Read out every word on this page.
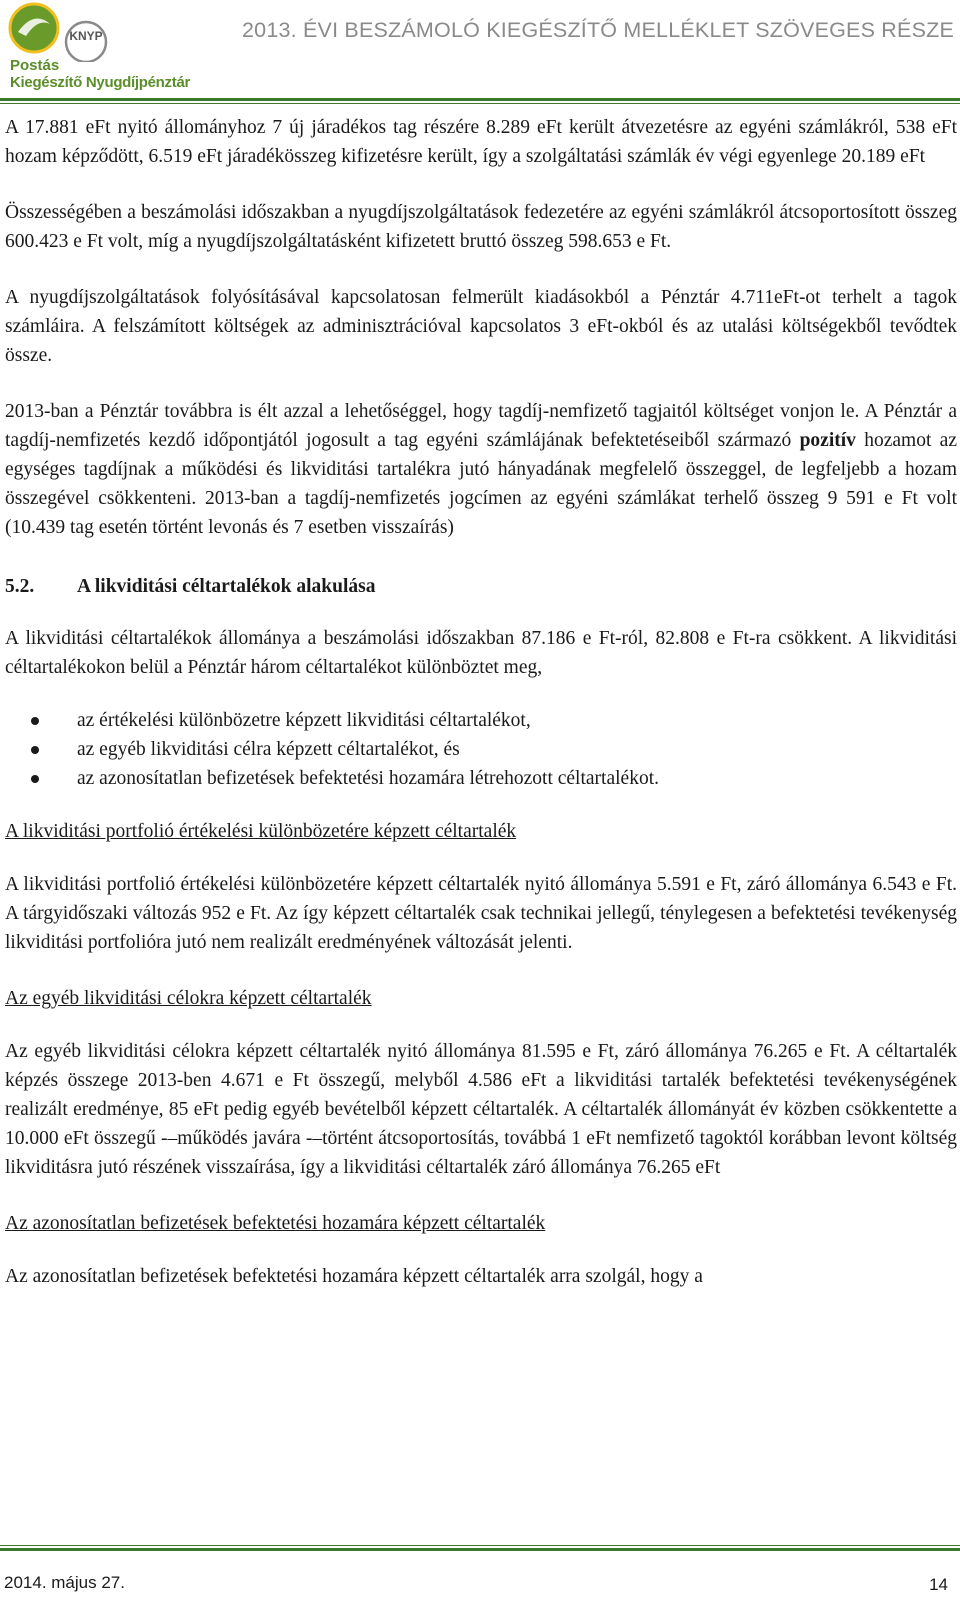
KNYP
Postás
Kiegészítő Nyugdíjpénztár
2013. ÉVI BESZÁMOLÓ KIEGÉSZÍTŐ MELLÉKLET SZÖVEGES RÉSZE

A 17.881 eFt nyitó állományhoz 7 új járadékos tag részére 8.289 eFt került átvezetésre az egyéni számlákról, 538 eFt hozam képződött, 6.519 eFt járadékösszeg kifizetésre került, így a szolgáltatási számlák év végi egyenlege 20.189 eFt

Összességében a beszámolási időszakban a nyugdíjszolgáltatások fedezetére az egyéni számlákról átcsoportosított összeg 600.423 e Ft volt, míg a nyugdíjszolgáltatásként kifizetett bruttó összeg 598.653 e Ft.

A nyugdíjszolgáltatások folyósításával kapcsolatosan felmerült kiadásokból a Pénztár 4.711eFt-ot terhelt a tagok számláira. A felszámított költségek az adminisztrációval kapcsolatos 3 eFt-okból és az utalási költségekből tevődtek össze.

2013-ban a Pénztár továbbra is élt azzal a lehetőséggel, hogy tagdíj-nemfizető tagjaitól költséget vonjon le. A Pénztár a tagdíj-nemfizetés kezdő időpontjától jogosult a tag egyéni számlájának befektetéseiből származó pozitív hozamot az egységes tagdíjnak a működési és likviditási tartalékra jutó hányadának megfelelő összeggel, de legfeljebb a hozam összegével csökkenteni. 2013-ban a tagdíj-nemfizetés jogcímen az egyéni számlákat terhelő összeg 9 591 e Ft volt (10.439 tag esetén történt levonás és 7 esetben visszaírás)

5.2.	A likviditási céltartalékok alakulása

A likviditási céltartalékok állománya a beszámolási időszakban 87.186 e Ft-ról, 82.808 e Ft-ra csökkent. A likviditási céltartalékokon belül a Pénztár három céltartalékot különböztet meg,

az értékelési különbözetre képzett likviditási céltartalékot,
az egyéb likviditási célra képzett céltartalékot, és
az azonosítatlan befizetések befektetési hozamára létrehozott céltartalékot.
A likviditási portfolió értékelési különbözetére képzett céltartalék

A likviditási portfolió értékelési különbözetére képzett céltartalék nyitó állománya 5.591 e Ft, záró állománya 6.543 e Ft. A tárgyidőszaki változás 952 e Ft. Az így képzett céltartalék csak technikai jellegű, ténylegesen a befektetési tevékenység likviditási portfolióra jutó nem realizált eredményének változását jelenti.

Az egyéb likviditási célokra képzett céltartalék

Az egyéb likviditási célokra képzett céltartalék nyitó állománya 81.595 e Ft, záró állománya 76.265 e Ft. A céltartalék képzés összege 2013-ben 4.671 e Ft összegű, melyből 4.586 eFt a likviditási tartalék befektetési tevékenységének realizált eredménye, 85 eFt pedig egyéb bevételből képzett céltartalék. A céltartalék állományát év közben csökkentette a 10.000 eFt összegű -–működés javára -–történt átcsoportosítás, továbbá 1 eFt nemfizető tagoktól korábban levont költség likviditásra jutó részének visszaírása, így a likviditási céltartalék záró állománya 76.265 eFt

Az azonosítatlan befizetések befektetési hozamára képzett céltartalék

Az azonosítatlan befizetések befektetési hozamára képzett céltartalék arra szolgál, hogy a

2014. május 27.	14
